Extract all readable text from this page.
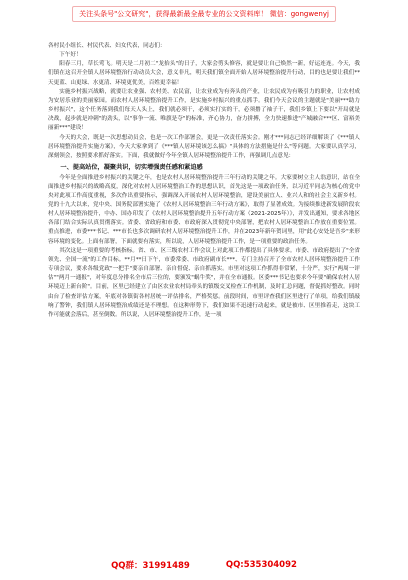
关注头条号"公文研究"，获得最新最全最专业的公文资料库！ 微信：gongwenyj

各村民小组长、村民代表、妇女代表，同志们：

下午好！

阳春三月，草长莺飞。明天是二月初二"龙抬头"的日子，大家会剪头修容，就是要让自己焕然一新，好运连连。今天，我们镇在这召开全镇人居环境整治行动动员大会，意义非凡，明天我们镇全面开始人居环境整治提升行动，目的也是要让我们**天更蓝、山更绿、水更清、环境更优美，百姓更幸福！

实施乡村振兴战略，就要让农业强、农村美、农民富，让农业成为有奔头的产业，让农民成为有吸引力的职业，让农村成为安居乐业的美丽家园。而农村人居环境整治提升工作，是实施乡村振兴的重点抓手。我们今天会议的主题就是"美丽***助力乡村振兴"，这个任务落到我们每天人头上，我们就必须干，必须实打实的干，必须撸了袖子干，我们乡镇上下要以"开局就是决战，起步就是冲刺"的劲头，以"事争一流、唯旗是夺"的标准，齐心协力，奋力拼搏，全力快速推进"产城融合***区、富裕美丽新***"建设！

今天的大会，既是一次思想动员会，也是一次工作部署会，更是一次责任落实会。刚才***同志已经详细解读了《***镇人居环境整治提升实施方案》，今天大家拿到了《***镇人居环境该怎么搞》"具体的方法措施是什么"等问题。大家要认真学习，深刻领会，按照要求抓好落实。下面，我就做好今年全镇人居环境整治提升工作，再强调几点意见：

一、提高站位，凝聚共识，切实增强责任感和紧迫感

今年是全面推进乡村振兴的关键之年，也是农村人居环境整治提升三年行动的关键之年。大家要树立主人翁意识，站在全面推进乡村振兴的战略高度，深化对农村人居环境整治工作的思想认识，首先这是一项政治任务，以习近平同志为核心的党中央对此项工作高度重视，多次作出重要指示，强调深入开展农村人居环境整治，建设美丽宜人、业兴人和的社会主义新乡村。党的十九大以来，党中央、国务院部署实施了《农村人居环境整治三年行动方案》，取得了显著成效。为接续推进新发展阶段农村人居环境整治提升，中办、国办印发了《农村人居环境整治提升五年行动方案（2021-2025年）》，并发出通知，要求各地区各部门结合实际认真贯彻落实。省委、省政府和市委、市政府深入贯彻党中央部署，把农村人居环境整治工作放在重要位置。重点推进，市委***书记、***市长也多次调研农村人居环境整治提升工作，并在2023年新年贺词里，用"此心安处是吾乡"来形容环境的变化。上面有部署，下面就要有落实，所以说，人居环境整治提升工作，是一项重要的政治任务。

其次这是一项重要的考核指标。省、市、区三级农村工作会议上对此项工作都提出了具体要求。市委、市政府提出了"全省领先、全国一流"的工作目标。**月**日下午，市委常委、市政府副市长***、专门主持召开了全市农村人居环境整治提升工作专项会议，要求各级党政"一把手"要亲自部署、亲自督促、亲自抓落实。市里对这项工作抓得非常紧，十分严，实行"两周一评估""两月一通报"，对年度总分排名全市后三位的，要颁发"蜗牛奖"，并在全市通报。区委***书记也要求今年要"确保农村人居环境迈上新台阶"。目前，区里已经建立了由区农业农村局牵头的镇级交叉检查工作机制，及时汇总问题，督促抓好整改。同时由台了检查评估方案，年底对各镇街各村居统一评估排名，严格奖惩。前段时间，市里评查我们区里进行了单项，给我们镇敲响了警钟，我们镇人居环境整治成绩还是不理想。在这种形势下，我们如果不迅速行动起来，就是被市、区里推着走，这块工作可能就会落后，甚至倒数。所以说，人居环境整治提升工作，是一项

QQ群：31991489	QQ:535304092
